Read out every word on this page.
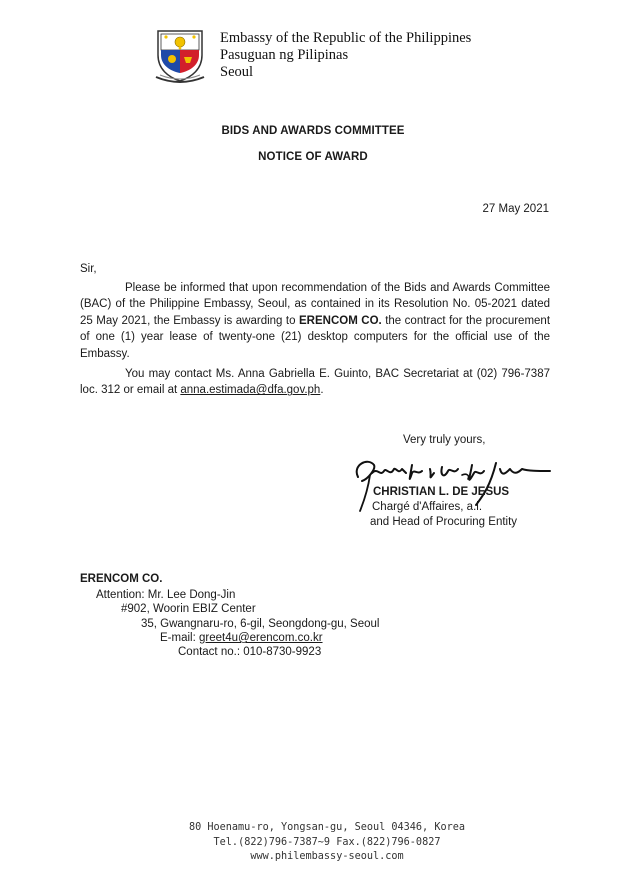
Embassy of the Republic of the Philippines
Pasuguan ng Pilipinas
Seoul
BIDS AND AWARDS COMMITTEE
NOTICE OF AWARD
27 May 2021
Sir,
Please be informed that upon recommendation of the Bids and Awards Committee (BAC) of the Philippine Embassy, Seoul, as contained in its Resolution No. 05-2021 dated 25 May 2021, the Embassy is awarding to ERENCOM CO. the contract for the procurement of one (1) year lease of twenty-one (21) desktop computers for the official use of the Embassy.
You may contact Ms. Anna Gabriella E. Guinto, BAC Secretariat at (02) 796-7387 loc. 312 or email at anna.estimada@dfa.gov.ph.
Very truly yours,
CHRISTIAN L. DE JESUS
Chargé d'Affaires, a.i.
and Head of Procuring Entity
ERENCOM CO.
Attention: Mr. Lee Dong-Jin
#902, Woorin EBIZ Center
35, Gwangnaru-ro, 6-gil, Seongdong-gu, Seoul
E-mail: greet4u@erencom.co.kr
Contact no.: 010-8730-9923
80 Hoenamu-ro, Yongsan-gu, Seoul 04346, Korea
Tel.(822)796-7387~9 Fax.(822)796-0827
www.philembassy-seoul.com
